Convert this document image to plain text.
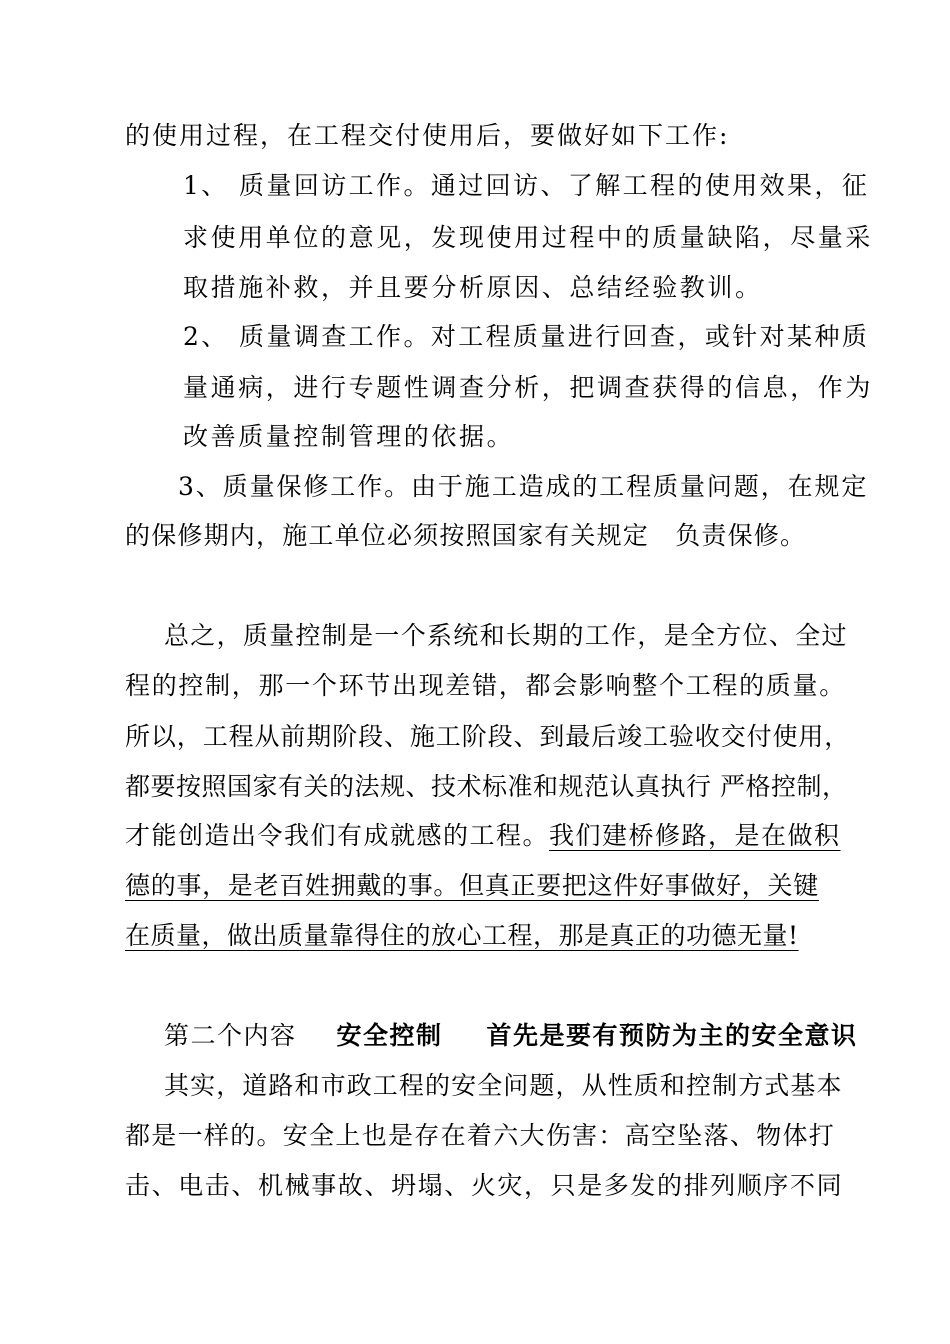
的使用过程，在工程交付使用后，要做好如下工作:
1、 质量回访工作。通过回访、了解工程的使用效果，征
求使用单位的意见，发现使用过程中的质量缺陷，尽量采
取措施补救，并且要分析原因、总结经验教训。
2、 质量调查工作。对工程质量进行回查，或针对某种质
量通病，进行专题性调查分析，把调查获得的信息，作为
改善质量控制管理的依据。
3、质量保修工作。由于施工造成的工程质量问题，在规定
的保修期内，施工单位必须按照国家有关规定　负责保修。
总之，质量控制是一个系统和长期的工作，是全方位、全过
程的控制，那一个环节出现差错，都会影响整个工程的质量。
所以，工程从前期阶段、施工阶段、到最后竣工验收交付使用，
都要按照国家有关的法规、技术标准和规范认真执行 严格控制，
才能创造出令我们有成就感的工程。我们建桥修路，是在做积
德的事，是老百姓拥戴的事。但真正要把这件好事做好，关键
在质量，做出质量靠得住的放心工程，那是真正的功德无量!
第二个内容 安全控制 首先是要有预防为主的安全意识
其实，道路和市政工程的安全问题，从性质和控制方式基本
都是一样的。安全上也是存在着六大伤害：高空坠落、物体打
击、电击、机械事故、坍塌、火灾，只是多发的排列顺序不同
